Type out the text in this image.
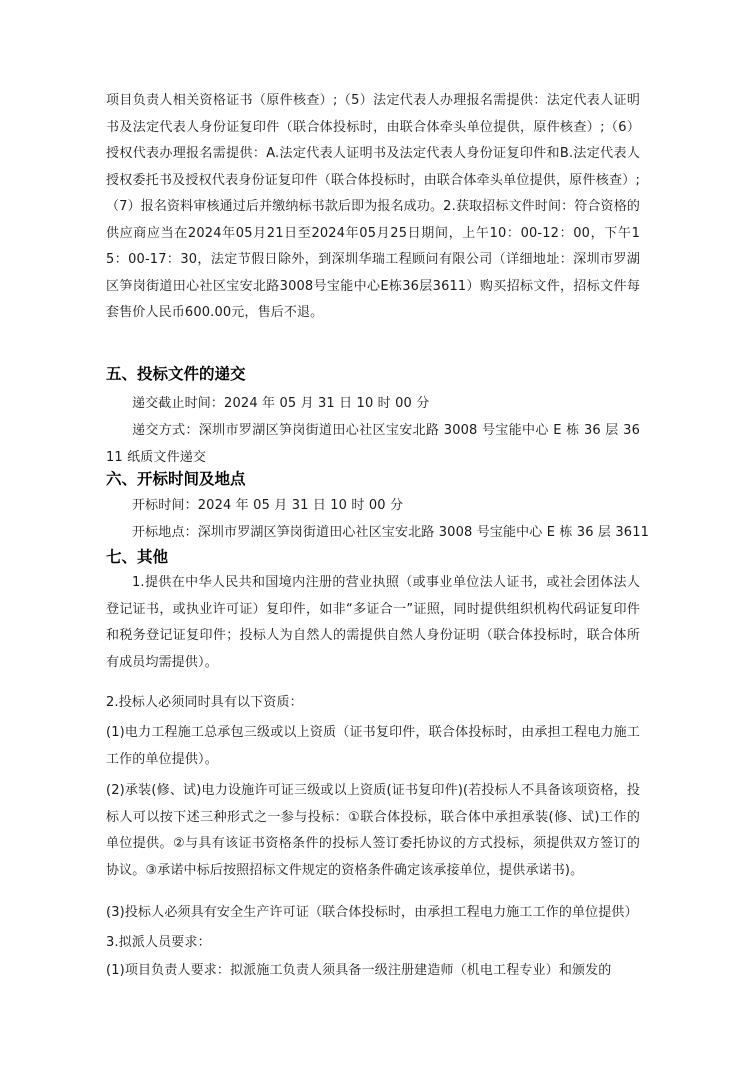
项目负责人相关资格证书（原件核查）;（5）法定代表人办理报名需提供：法定代表人证明书及法定代表人身份证复印件（联合体投标时，由联合体牵头单位提供，原件核查）;（6）授权代表办理报名需提供：A.法定代表人证明书及法定代表人身份证复印件和B.法定代表人授权委托书及授权代表身份证复印件（联合体投标时，由联合体牵头单位提供，原件核查）;（7）报名资料审核通过后并缴纳标书款后即为报名成功。2.获取招标文件时间：符合资格的供应商应当在2024年05月21日至2024年05月25日期间，上午10：00-12：00，下午15：00-17：30，法定节假日除外，到深圳华瑞工程顾问有限公司（详细地址：深圳市罗湖区笋岗街道田心社区宝安北路3008号宝能中心E栋36层3611）购买招标文件，招标文件每套售价人民币600.00元，售后不退。
五、投标文件的递交
递交截止时间：2024 年 05 月 31 日 10 时 00 分
递交方式：深圳市罗湖区笋岗街道田心社区宝安北路 3008 号宝能中心 E 栋 36 层 3611 纸质文件递交
六、开标时间及地点
开标时间：2024 年 05 月 31 日 10 时 00 分
开标地点：深圳市罗湖区笋岗街道田心社区宝安北路 3008 号宝能中心 E 栋 36 层 3611
七、其他
1.提供在中华人民共和国境内注册的营业执照（或事业单位法人证书，或社会团体法人登记证书，或执业许可证）复印件，如非“多证合一”证照，同时提供组织机构代码证复印件和税务登记证复印件；投标人为自然人的需提供自然人身份证明（联合体投标时，联合体所有成员均需提供）。
2.投标人必须同时具有以下资质：
(1)电力工程施工总承包三级或以上资质（证书复印件，联合体投标时，由承担工程电力施工工作的单位提供）。
(2)承装(修、试)电力设施许可证三级或以上资质(证书复印件)(若投标人不具备该项资格，投标人可以按下述三种形式之一参与投标：①联合体投标，联合体中承担承装(修、试)工作的单位提供。②与具有该证书资格条件的投标人签订委托协议的方式投标，须提供双方签订的协议。③承诺中标后按照招标文件规定的资格条件确定该承接单位，提供承诺书)。
(3)投标人必须具有安全生产许可证（联合体投标时，由承担工程电力施工工作的单位提供）
3.拟派人员要求：
(1)项目负责人要求：拟派施工负责人须具备一级注册建造师（机电工程专业）和颁发的
